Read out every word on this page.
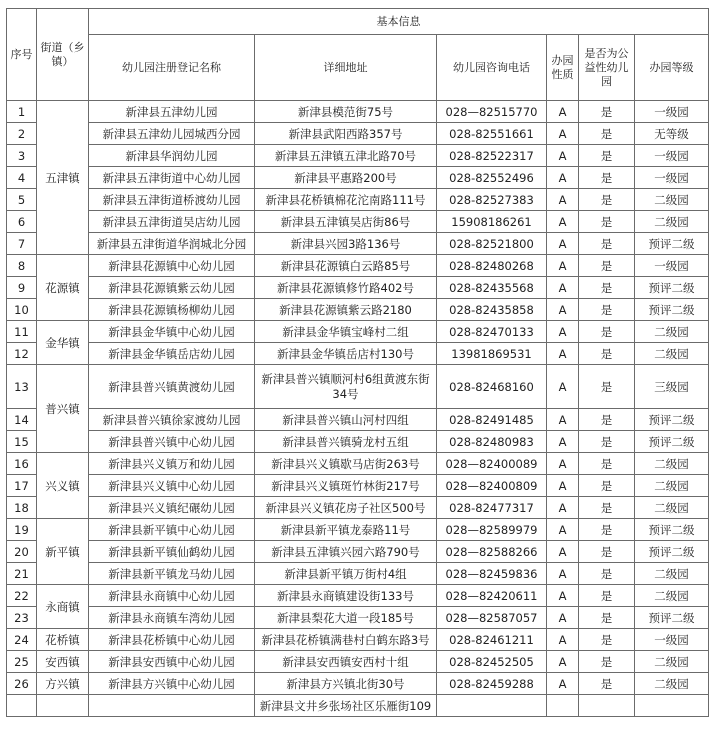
序号	街道（乡镇）	基本信息					
		幼儿园注册登记名称	详细地址	幼儿园咨询电话	办园性质	是否为公益性幼儿园	办园等级
1	五津镇	新津县五津幼儿园	新津县模范街75号	028—82515770	A	是	一级园
2		新津县五津幼儿园城西分园	新津县武阳西路357号	028-82551661	A	是	无等级
3		新津县华润幼儿园	新津县五津镇五津北路70号	028-82522317	A	是	一级园
4		新津县五津街道中心幼儿园	新津县平惠路200号	028-82552496	A	是	一级园
5		新津县五津街道桥渡幼儿园	新津县花桥镇棉花沱南路111号	028-82527383	A	是	二级园
6		新津县五津街道吴店幼儿园	新津县五津镇吴店街86号	15908186261	A	是	二级园
7		新津县五津街道华润城北分园	新津县兴园3路136号	028-82521800	A	是	预评二级
8	花源镇	新津县花源镇中心幼儿园	新津县花源镇白云路85号	028-82480268	A	是	一级园
9		新津县花源镇紫云幼儿园	新津县花源镇修竹路402号	028-82435568	A	是	预评二级
10		新津县花源镇杨柳幼儿园	新津县花源镇紫云路2180	028-82435858	A	是	预评二级
11	金华镇	新津县金华镇中心幼儿园	新津县金华镇宝峰村二组	028-82470133	A	是	二级园
12		新津县金华镇岳店幼儿园	新津县金华镇岳店村130号	13981869531	A	是	二级园
13	普兴镇	新津县普兴镇黄渡幼儿园	新津县普兴镇顺河村6组黄渡东街34号	028-82468160	A	是	三级园
14		新津县普兴镇徐家渡幼儿园	新津县普兴镇山河村四组	028-82491485	A	是	预评二级
15		新津县普兴镇中心幼儿园	新津县普兴镇骑龙村五组	028-82480983	A	是	预评二级
16	兴义镇	新津县兴义镇万和幼儿园	新津县兴义镇歇马店街263号	028—82400089	A	是	二级园
17		新津县兴义镇中心幼儿园	新津县兴义镇斑竹林街217号	028—82400809	A	是	二级园
18		新津县兴义镇纪碾幼儿园	新津县兴义镇花房子社区500号	028-82477317	A	是	二级园
19	新平镇	新津县新平镇中心幼儿园	新津县新平镇龙泰路11号	028—82589979	A	是	预评二级
20		新津县新平镇仙鹤幼儿园	新津县五津镇兴园六路790号	028—82588266	A	是	预评二级
21		新津县新平镇龙马幼儿园	新津县新平镇万街村4组	028—82459836	A	是	二级园
22	永商镇	新津县永商镇中心幼儿园	新津县永商镇建设街133号	028—82420611	A	是	二级园
23		新津县永商镇车湾幼儿园	新津县梨花大道一段185号	028—82587057	A	是	预评二级
24	花桥镇	新津县花桥镇中心幼儿园	新津县花桥镇满巷村白鹤东路3号	028-82461211	A	是	一级园
25	安西镇	新津县安西镇中心幼儿园	新津县安西镇安西村十组	028-82452505	A	是	二级园
26	方兴镇	新津县方兴镇中心幼儿园	新津县方兴镇北街30号	028-82459288	A	是	二级园
			新津县文井乡张场社区乐雁街109				
